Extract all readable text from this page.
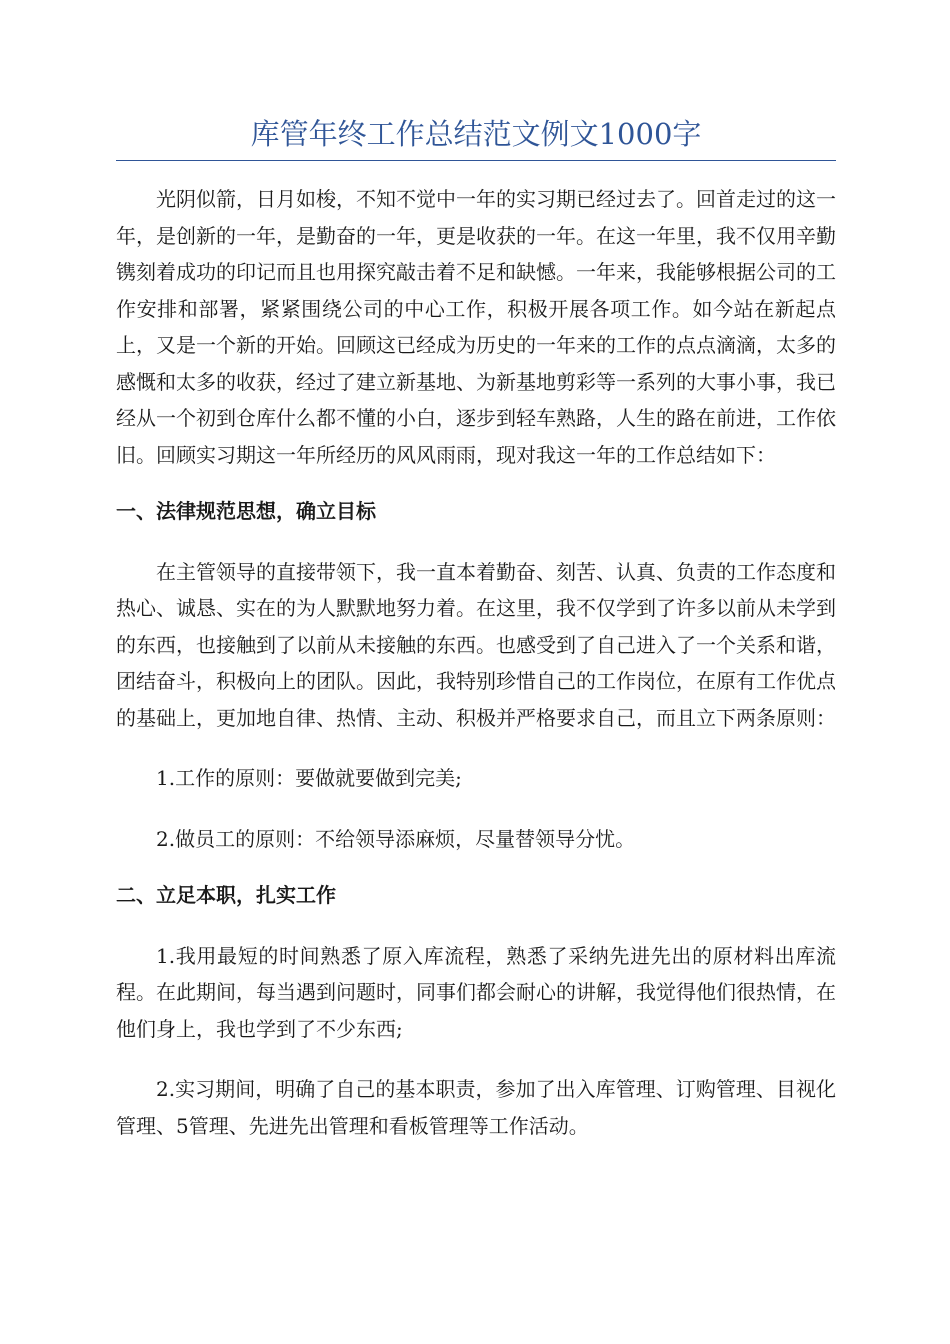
库管年终工作总结范文例文1000字

光阴似箭，日月如梭，不知不觉中一年的实习期已经过去了。回首走过的这一年，是创新的一年，是勤奋的一年，更是收获的一年。在这一年里，我不仅用辛勤镌刻着成功的印记而且也用探究敲击着不足和缺憾。一年来，我能够根据公司的工作安排和部署，紧紧围绕公司的中心工作，积极开展各项工作。如今站在新起点上，又是一个新的开始。回顾这已经成为历史的一年来的工作的点点滴滴，太多的感慨和太多的收获，经过了建立新基地、为新基地剪彩等一系列的大事小事，我已经从一个初到仓库什么都不懂的小白，逐步到轻车熟路，人生的路在前进，工作依旧。回顾实习期这一年所经历的风风雨雨，现对我这一年的工作总结如下：

一、法律规范思想，确立目标

在主管领导的直接带领下，我一直本着勤奋、刻苦、认真、负责的工作态度和热心、诚恳、实在的为人默默地努力着。在这里，我不仅学到了许多以前从未学到的东西，也接触到了以前从未接触的东西。也感受到了自己进入了一个关系和谐，团结奋斗，积极向上的团队。因此，我特别珍惜自己的工作岗位，在原有工作优点的基础上，更加地自律、热情、主动、积极并严格要求自己，而且立下两条原则：

1.工作的原则：要做就要做到完美;

2.做员工的原则：不给领导添麻烦，尽量替领导分忧。

二、立足本职，扎实工作

1.我用最短的时间熟悉了原入库流程，熟悉了采纳先进先出的原材料出库流程。在此期间，每当遇到问题时，同事们都会耐心的讲解，我觉得他们很热情，在他们身上，我也学到了不少东西;

2.实习期间，明确了自己的基本职责，参加了出入库管理、订购管理、目视化管理、5管理、先进先出管理和看板管理等工作活动。
